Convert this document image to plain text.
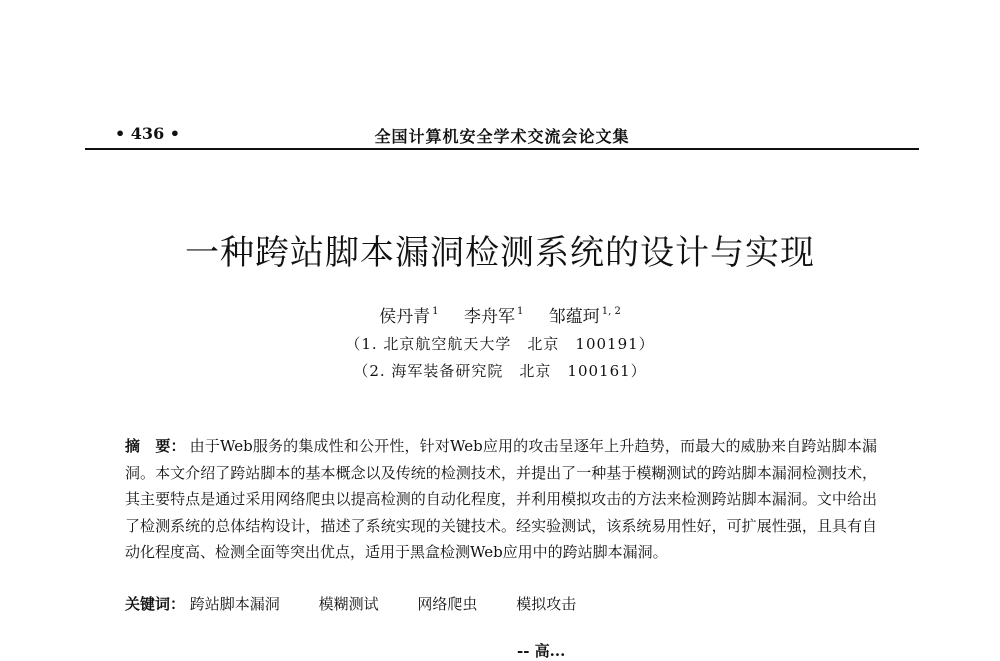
• 436 •	全国计算机安全学术交流会论文集
一种跨站脚本漏洞检测系统的设计与实现
侯丹青 $^1$ 李舟军 $^1$ 邹蕴珂 $^{1, 2}$
（1. 北京航空航天大学　北京　100191）
（2. 海军装备研究院　北京　100161）
摘　要： 由于Web服务的集成性和公开性，针对Web应用的攻击呈逐年上升趋势，而最大的威胁来自跨站脚本漏洞。本文介绍了跨站脚本的基本概念以及传统的检测技术，并提出了一种基于模糊测试的跨站脚本漏洞检测技术，其主要特点是通过采用网络爬虫以提高检测的自动化程度，并利用模拟攻击的方法来检测跨站脚本漏洞。文中给出了检测系统的总体结构设计，描述了系统实现的关键技术。经实验测试，该系统易用性好，可扩展性强，且具有自动化程度高、检测全面等突出优点，适用于黑盒检测Web应用中的跨站脚本漏洞。
关键词： 跨站脚本漏洞	模糊测试	网络爬虫	模拟攻击
-- 高...
